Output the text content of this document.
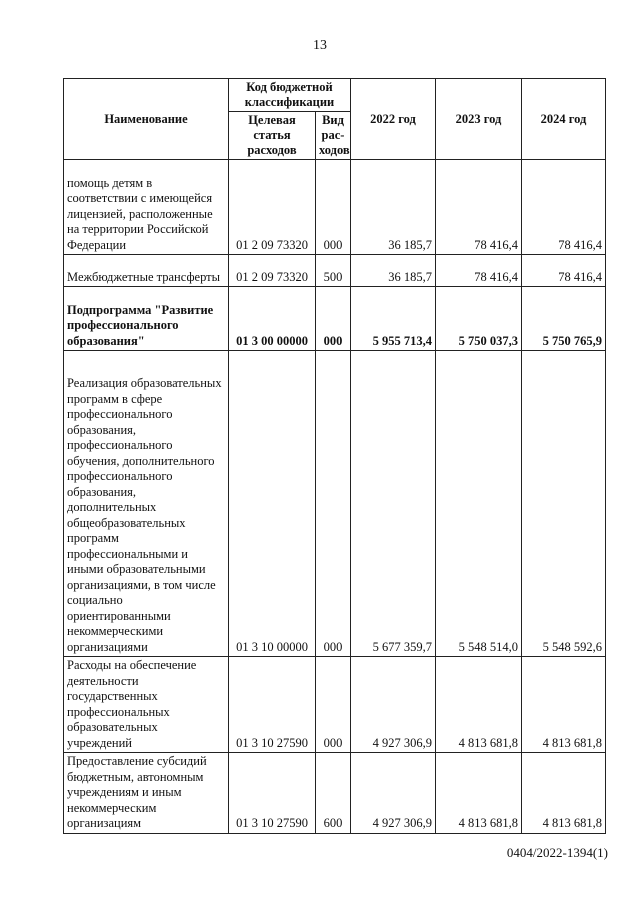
13
Наименование	Код бюджетной классификации		2022 год	2023 год	2024 год
	Целевая статья расходов	Вид рас-ходов			
помощь детям в соответствии с имеющейся лицензией, расположенные на территории Российской Федерации	01 2 09 73320	000	36 185,7	78 416,4	78 416,4
Межбюджетные трансферты	01 2 09 73320	500	36 185,7	78 416,4	78 416,4
Подпрограмма "Развитие профессионального образования"	01 3 00 00000	000	5 955 713,4	5 750 037,3	5 750 765,9
Реализация образовательных программ в сфере профессионального образования, профессионального обучения, дополнительного профессионального образования, дополнительных общеобразовательных программ профессиональными и иными образовательными организациями, в том числе социально ориентированными некоммерческими организациями	01 3 10 00000	000	5 677 359,7	5 548 514,0	5 548 592,6
Расходы на обеспечение деятельности государственных профессиональных образовательных учреждений	01 3 10 27590	000	4 927 306,9	4 813 681,8	4 813 681,8
Предоставление субсидий бюджетным, автономным учреждениям и иным некоммерческим организациям	01 3 10 27590	600	4 927 306,9	4 813 681,8	4 813 681,8
0404/2022-1394(1)
